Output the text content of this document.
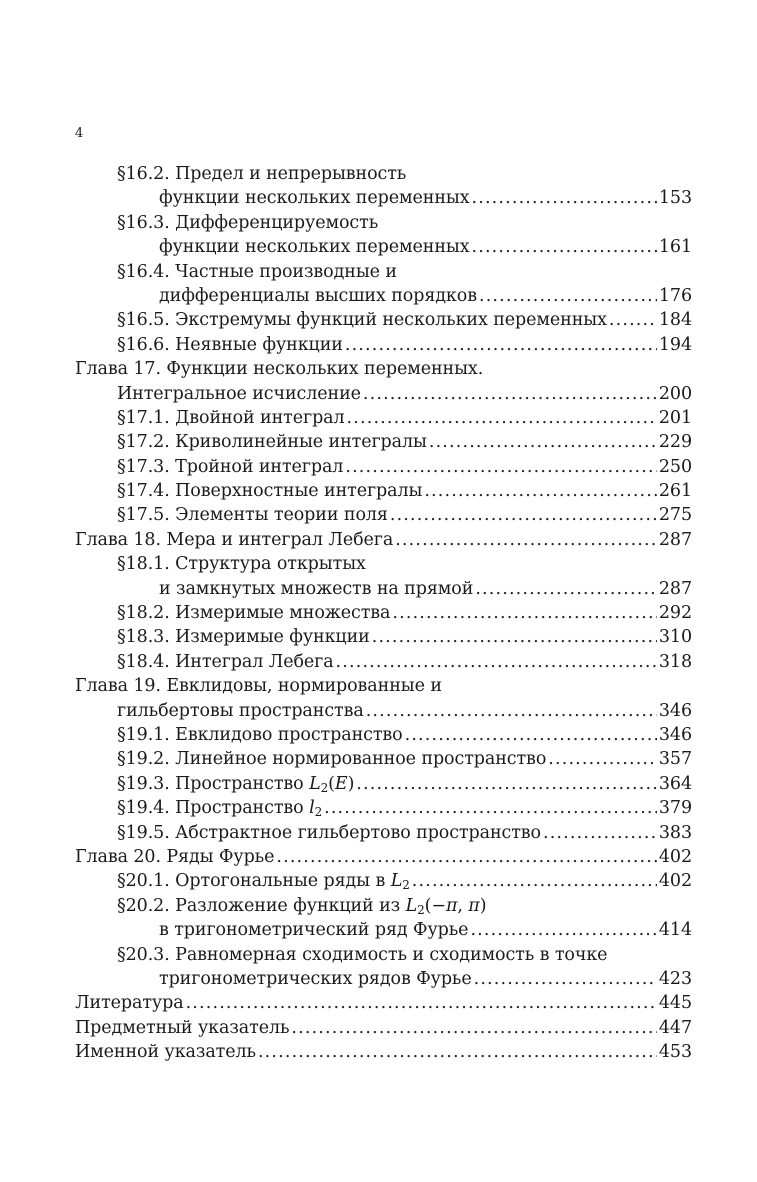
4
§16.2. Предел и непрерывность
функции нескольких переменных . . .	153
§16.3. Дифференцируемость
функции нескольких переменных . . .	161
§16.4. Частные производные и
дифференциалы высших порядков . . .	176
§16.5. Экстремумы функций нескольких переменных . . .	184
§16.6. Неявные функции . . .	194
Глава 17. Функции нескольких переменных.
Интегральное исчисление . . .	200
§17.1. Двойной интеграл . . .	201
§17.2. Криволинейные интегралы . . .	229
§17.3. Тройной интеграл . . .	250
§17.4. Поверхностные интегралы . . .	261
§17.5. Элементы теории поля . . .	275
Глава 18. Мера и интеграл Лебега . . .	287
§18.1. Структура открытых
и замкнутых множеств на прямой . . .	287
§18.2. Измеримые множества . . .	292
§18.3. Измеримые функции . . .	310
§18.4. Интеграл Лебега . . .	318
Глава 19. Евклидовы, нормированные и
гильбертовы пространства . . .	346
§19.1. Евклидово пространство . . .	346
§19.2. Линейное нормированное пространство . . .	357
§19.3. Пространство $L_2(E)$ . . .	364
§19.4. Пространство $l_2$ . . .	379
§19.5. Абстрактное гильбертово пространство . . .	383
Глава 20. Ряды Фурье . . .	402
§20.1. Ортогональные ряды в $L_2$ . . .	402
§20.2. Разложение функций из $L_2(-\pi$, π)
в тригонометрический ряд Фурье . . .	414
§20.3. Равномерная сходимость и сходимость в точке
тригонометрических рядов Фурье . . .	423
Литература . . .	445
Предметный указатель . . .	447
Именной указатель . . .	453
